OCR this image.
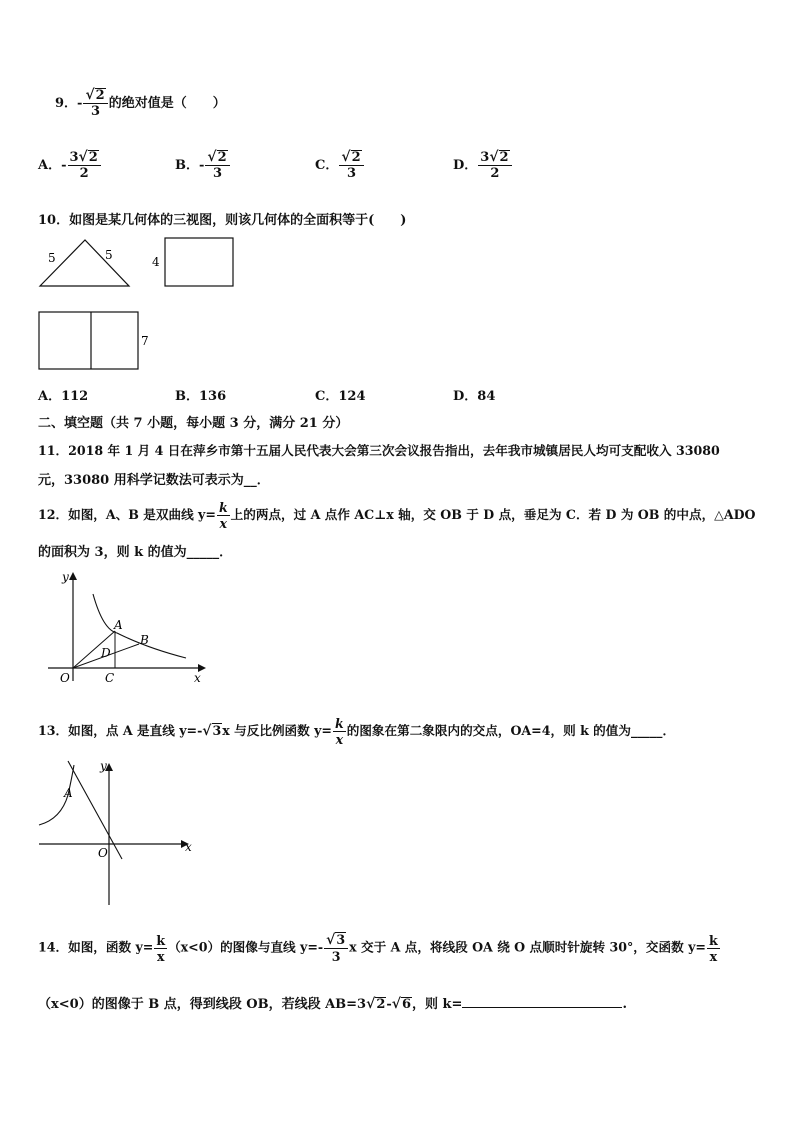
9．- $\frac{√2}{3}$ 的绝对值是（　　）
A．- $\frac{3√2}{2}$	B．- $\frac{√2}{3}$	C． $\frac{√2}{3}$	D． $\frac{3√2}{2}$
10．如图是某几何体的三视图，则该几何体的全面积等于(　　)
5	5	4
7
A．112	B．136	C．124	D．84
二、填空题（共 7 小题，每小题 3 分，满分 21 分）
11．2018 年 1 月 4 日在萍乡市第十五届人民代表大会第三次会议报告指出，去年我市城镇居民人均可支配收入 33080
元，33080 用科学记数法可表示为__．
12．如图，A、B 是双曲线 $y= \frac{k}{x}$ 上的两点，过 A 点作 AC⊥x 轴，交 OB 于 D 点，垂足为 C．若 D 为 OB 的中点，△ADO
的面积为 3，则 k 的值为_____．
y
x
O
A
B
C
D
13．如图，点 A 是直线 y=-√3x 与反比例函数 $y= \frac{k}{x}$ 的图象在第二象限内的交点，OA=4，则 k 的值为_____．
y
x
O
A
14．如图，函数 $y= \frac{k}{x} (x<0)$的图像与直线 $y=- \frac{√3}{3}$ x 交于 A 点，将线段 OA 绕 O 点顺时针旋转 30°，交函数 $y= \frac{k}{x}$
（x<0）的图像于 B 点，得到线段 OB，若线段 AB=3√2-√6，则 k=	.
